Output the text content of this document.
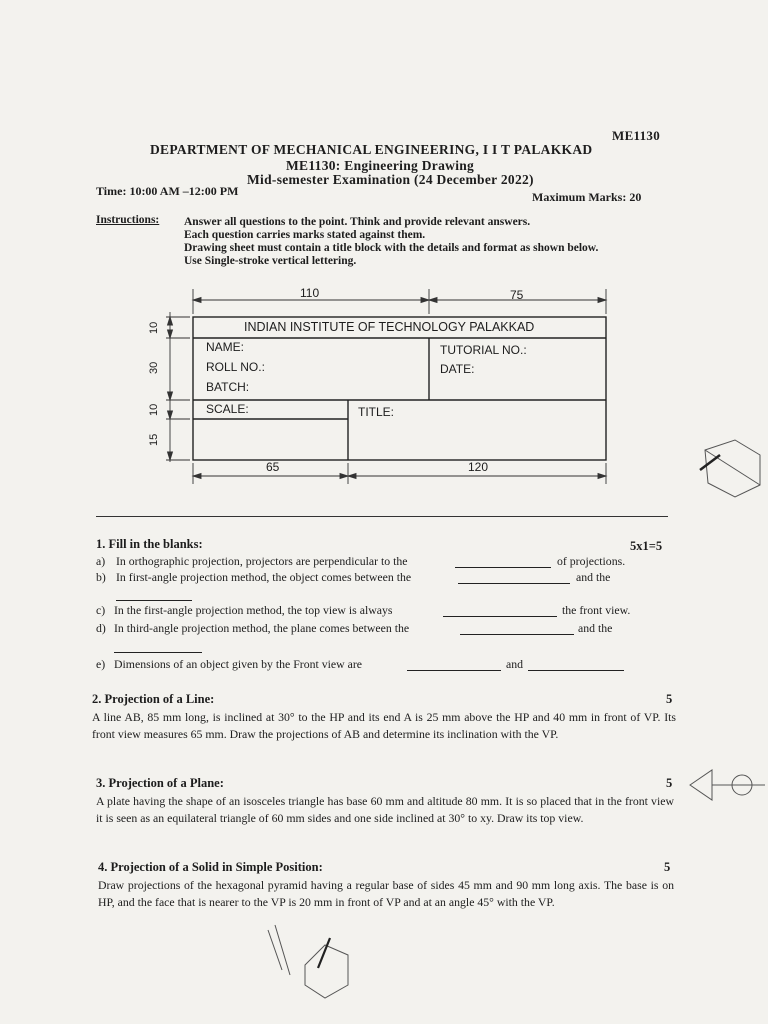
ME1130
DEPARTMENT OF MECHANICAL ENGINEERING, I I T PALAKKAD
ME1130: Engineering Drawing
Mid-semester Examination (24 December 2022)
Time: 10:00 AM –12:00 PM	Maximum Marks: 20
Instructions: Answer all questions to the point. Think and provide relevant answers.
Each question carries marks stated against them.
Drawing sheet must contain a title block with the details and format as shown below.
Use Single-stroke vertical lettering.
110	75
65	120
10
30
10
15
INDIAN INSTITUTE OF TECHNOLOGY PALAKKAD
NAME:
ROLL NO.:
BATCH:
TUTORIAL NO.:
DATE:
SCALE:	TITLE:
1. Fill in the blanks:	5x1=5
a) In orthographic projection, projectors are perpendicular to the	of projections.
b) In first-angle projection method, the object comes between the	and the
c) In the first-angle projection method, the top view is always	the front view.
d) In third-angle projection method, the plane comes between the	and the
e) Dimensions of an object given by the Front view are	and
2. Projection of a Line:	5
A line AB, 85 mm long, is inclined at 30° to the HP and its end A is 25 mm above the HP and 40 mm in front of VP. Its front view measures 65 mm. Draw the projections of AB and determine its inclination with the VP.
3. Projection of a Plane:	5
A plate having the shape of an isosceles triangle has base 60 mm and altitude 80 mm. It is so placed that in the front view it is seen as an equilateral triangle of 60 mm sides and one side inclined at 30° to xy. Draw its top view.
4. Projection of a Solid in Simple Position:	5
Draw projections of the hexagonal pyramid having a regular base of sides 45 mm and 90 mm long axis. The base is on HP, and the face that is nearer to the VP is 20 mm in front of VP and at an angle 45° with the VP.
